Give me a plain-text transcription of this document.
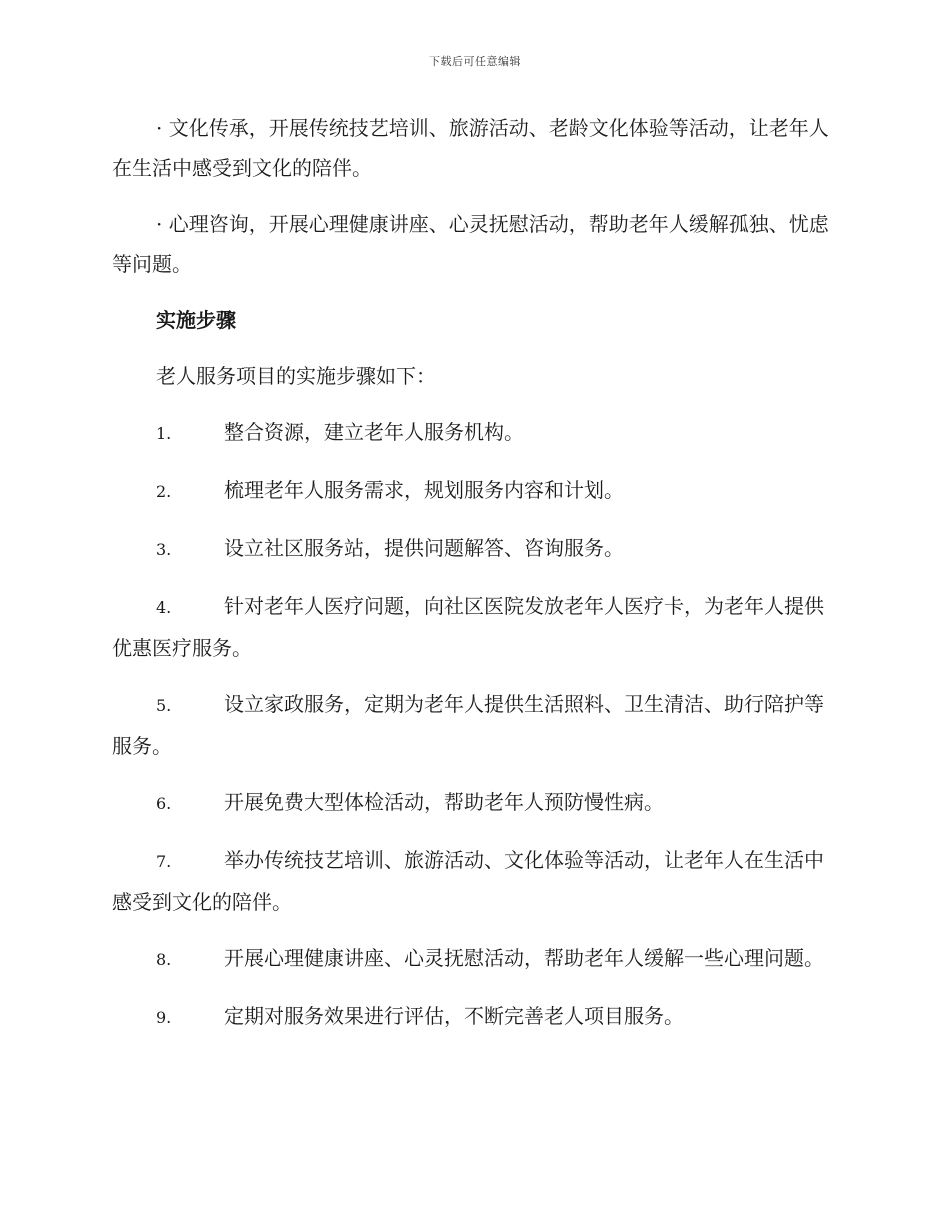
下载后可任意编辑

· 文化传承，开展传统技艺培训、旅游活动、老龄文化体验等活动，让老年人在生活中感受到文化的陪伴。

· 心理咨询，开展心理健康讲座、心灵抚慰活动，帮助老年人缓解孤独、忧虑等问题。

实施步骤

老人服务项目的实施步骤如下：

1.	整合资源，建立老年人服务机构。

2.	梳理老年人服务需求，规划服务内容和计划。

3.	设立社区服务站，提供问题解答、咨询服务。

4.	针对老年人医疗问题，向社区医院发放老年人医疗卡，为老年人提供优惠医疗服务。

5.	设立家政服务，定期为老年人提供生活照料、卫生清洁、助行陪护等服务。

6.	开展免费大型体检活动，帮助老年人预防慢性病。

7.	举办传统技艺培训、旅游活动、文化体验等活动，让老年人在生活中感受到文化的陪伴。

8.	开展心理健康讲座、心灵抚慰活动，帮助老年人缓解一些心理问题。

9.	定期对服务效果进行评估，不断完善老人项目服务。
